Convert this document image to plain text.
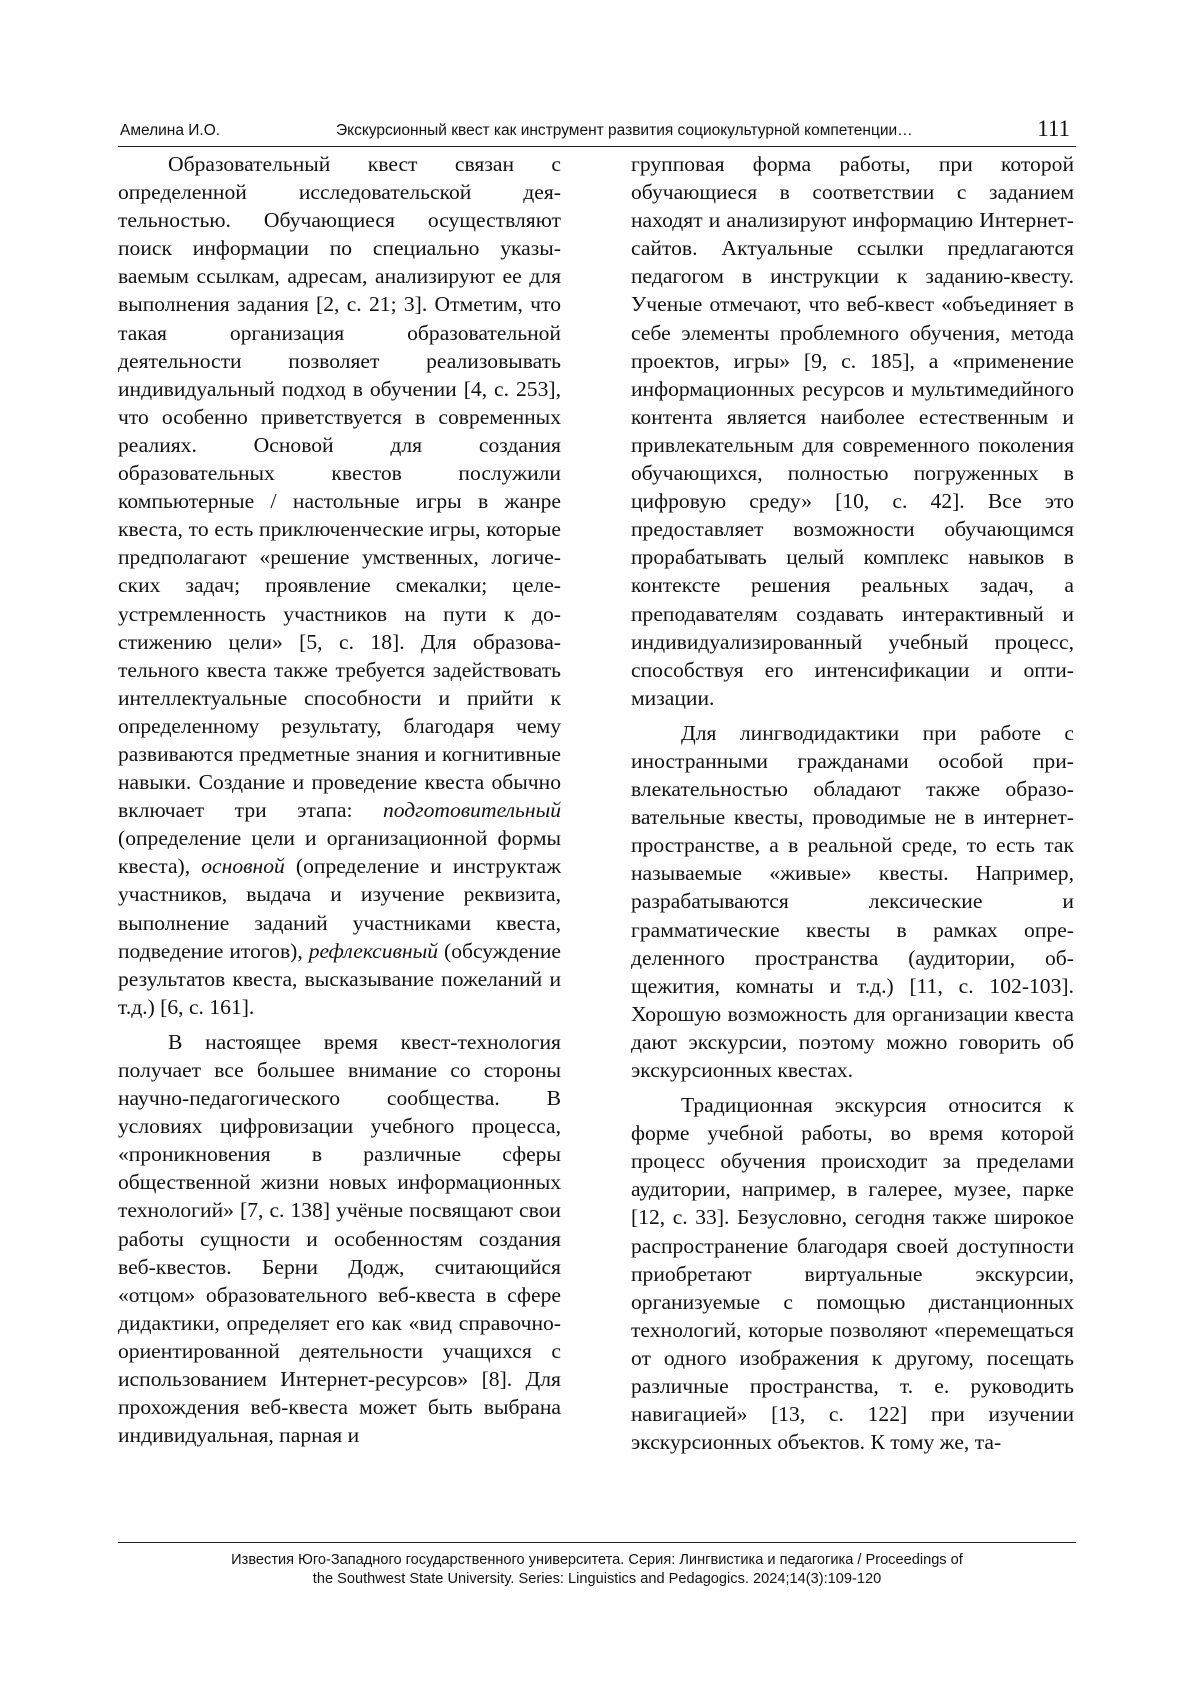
Амелина И.О.	Экскурсионный квест как инструмент развития социокультурной компетенции…	111

Образовательный квест связан с определенной исследовательской дея­тельностью. Обучающиеся осуществляют поиск информации по специально указы­ваемым ссылкам, адресам, анализируют ее для выполнения задания [2, с. 21; 3]. Отметим, что такая организация образо­вательной деятельности позволяет реали­зовывать индивидуальный подход в обу­чении [4, с. 253], что особенно привет­ствуется в современных реалиях. Осно­вой для создания образовательных кве­стов послужили компьютерные / на­стольные игры в жанре квеста, то есть приключенческие игры, которые предпо­лагают «решение умственных, логиче­ских задач; проявление смекалки; целе­устремленность участников на пути к до­стижению цели» [5, с. 18]. Для образова­тельного квеста также требуется задей­ствовать интеллектуальные способности и прийти к определенному результату, благодаря чему развиваются предметные знания и когнитивные навыки. Создание и проведение квеста обычно включает три этапа: подготовительный (определе­ние цели и организационной формы кве­ста), основной (определение и инструктаж участников, выдача и изучение реквизи­та, выполнение заданий участниками кве­ста, подведение итогов), рефлексивный (обсуждение результатов квеста, выска­зывание пожеланий и т.д.) [6, с. 161].

В настоящее время квест-технология получает все большее внимание со сто­роны научно-педагогического сообще­ства. В условиях цифровизации учебного процесса, «проникновения в различные сферы общественной жизни новых ин­формационных технологий» [7, с. 138] учёные посвящают свои работы сущно­сти и особенностям создания веб-квестов. Берни Додж, считающийся «отцом» обра­зовательного веб-квеста в сфере дидакти­ки, определяет его как «вид справочно-ориентированной деятельности учащихся с использованием Интернет-ресурсов» [8]. Для прохождения веб-квеста может быть выбрана индивидуальная, парная и

групповая форма работы, при которой обучающиеся в соответствии с заданием находят и анализируют информацию Ин­тернет-сайтов. Актуальные ссылки пред­лагаются педагогом в инструкции к зада­нию-квесту. Ученые отмечают, что веб-квест «объединяет в себе элементы про­блемного обучения, метода проектов, иг­ры» [9, с. 185], а «применение информа­ционных ресурсов и мультимедийного контента является наиболее естествен­ным и привлекательным для совре­менного поколения обучающихся, полно­стью погруженных в цифровую среду» [10, с. 42]. Все это предоставляет воз­можности обучающимся прорабатывать целый комплекс навыков в контексте ре­шения реальных задач, а преподавателям создавать интерактивный и инди­видуализированный учебный процесс, способствуя его интенсификации и опти­мизации.

Для лингводидактики при работе с иностранными гражданами особой при­влекательностью обладают также образо­вательные квесты, проводимые не в ин­тернет-пространстве, а в реальной среде, то есть так называемые «живые» квесты. Например, разрабатываются лексические и грамматические квесты в рамках опре­деленного пространства (аудитории, об­щежития, комнаты и т.д.) [11, с. 102-103]. Хорошую возможность для организации квеста дают экскурсии, поэтому можно говорить об экскурсионных квестах.

Традиционная экскурсия относится к форме учебной работы, во время которой процесс обучения происходит за преде­лами аудитории, например, в галерее, му­зее, парке [12, с. 33]. Безусловно, сегодня также широкое распространение благода­ря своей доступности приобретают вир­туальные экскурсии, организуемые с по­мощью дистанционных технологий, ко­торые позволяют «перемещаться от одно­го изображения к другому, посещать раз­личные пространства, т. е. руководить навигацией» [13, с. 122] при изучении экскурсионных объектов. К тому же, та-

Известия Юго-Западного государственного университета. Серия: Лингвистика и педагогика / Proceedings of
the Southwest State University. Series: Linguistics and Pedagogics. 2024;14(3):109-120
